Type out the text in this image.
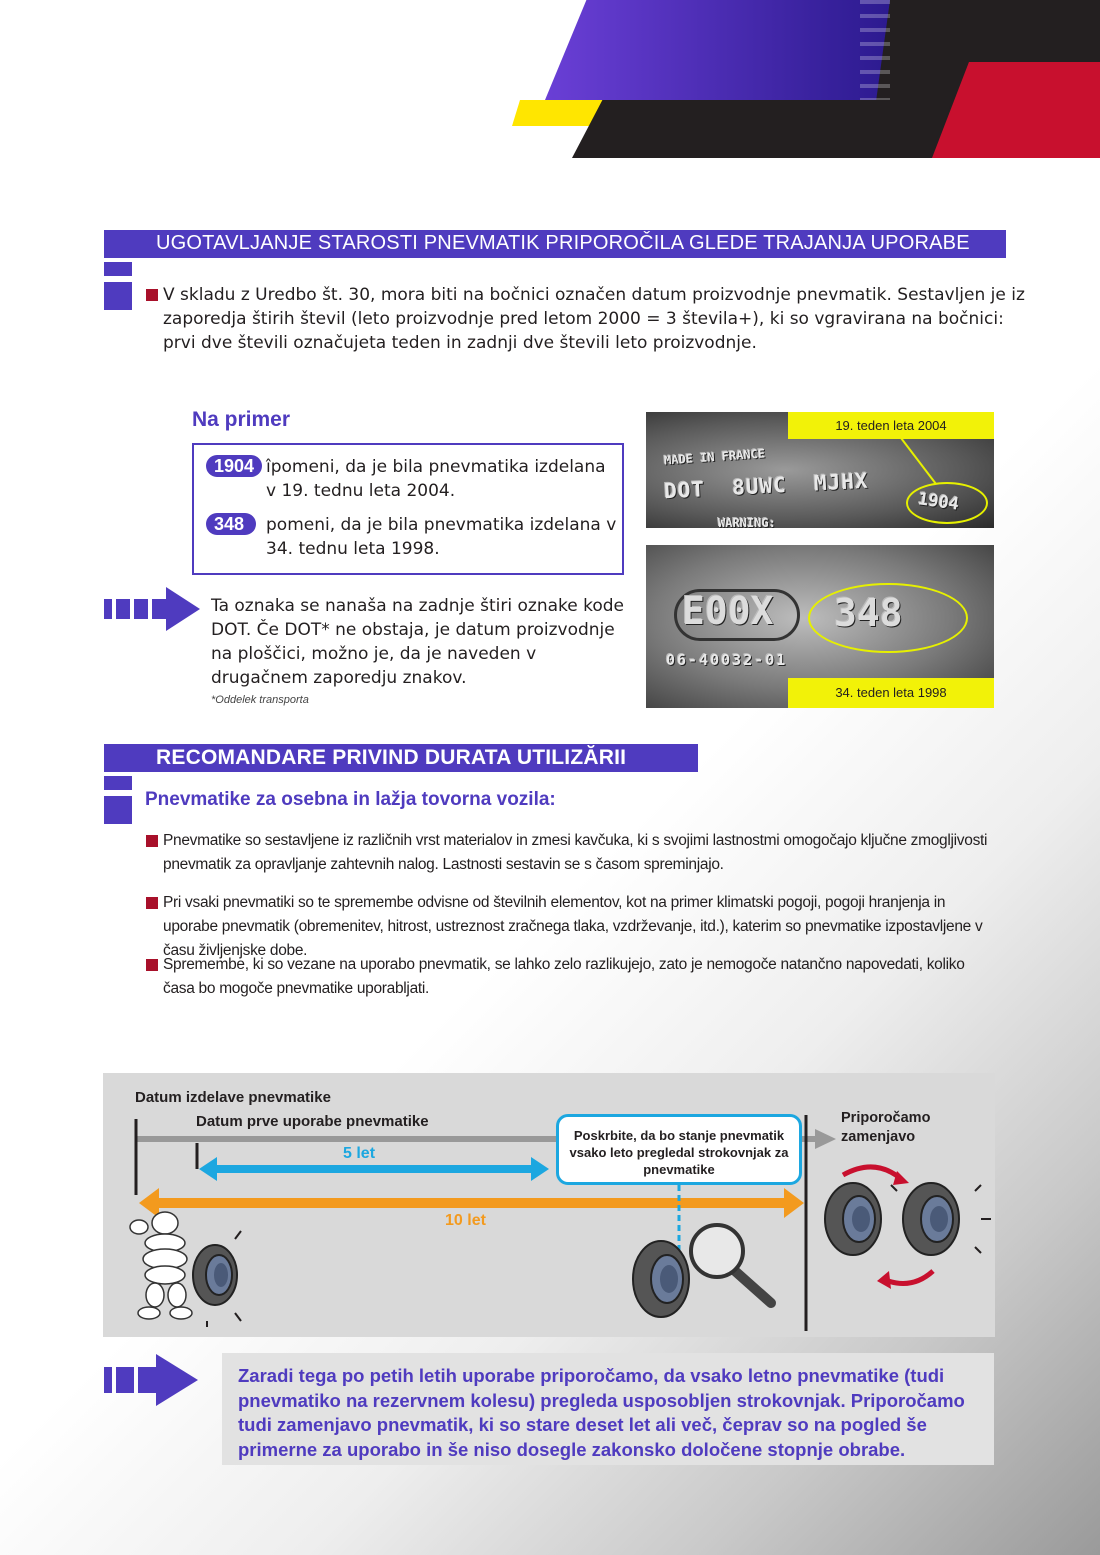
UGOTAVLJANJE STAROSTI PNEVMATIK PRIPOROČILA GLEDE TRAJANJA UPORABE
V skladu z Uredbo št. 30, mora biti na bočnici označen datum proizvodnje pnevmatik. Sestavljen je iz zaporedja štirih števil (leto proizvodnje pred letom 2000 = 3 števila+), ki so vgravirana na bočnici: prvi dve števili označujeta teden in zadnji dve števili leto proizvodnje.
Na primer
1904 îpomeni, da je bila pnevmatika izdelana v 19. tednu leta 2004.
348	pomeni, da je bila pnevmatika izdelana v 34. tednu leta 1998.
Ta oznaka se nanaša na zadnje štiri oznake kode DOT. Če DOT* ne obstaja, je datum proizvodnje na ploščici, možno je, da je naveden v drugačnem zaporedju znakov.
*Oddelek transporta
MADE IN FRANCE
DOT  8UWC  MJHX	1904
WARNING:
19. teden leta 2004
E00X 348
06-40032-01
34. teden leta 1998
RECOMANDARE PRIVIND DURATA UTILIZĂRII
Pnevmatike za osebna in lažja tovorna vozila:
Pnevmatike so sestavljene iz različnih vrst materialov in zmesi kavčuka, ki s svojimi lastnostmi omogočajo ključne zmogljivosti pnevmatik za opravljanje zahtevnih nalog. Lastnosti sestavin se s časom spreminjajo.
Pri vsaki pnevmatiki so te spremembe odvisne od številnih elementov, kot na primer klimatski pogoji, pogoji hranjenja in uporabe pnevmatik (obremenitev, hitrost, ustreznost zračnega tlaka, vzdrževanje, itd.), katerim so pnevmatike izpostavljene v času življenjske dobe.
Spremembe, ki so vezane na uporabo pnevmatik, se lahko zelo razlikujejo, zato je nemogoče natančno napovedati, koliko časa bo mogoče pnevmatike uporabljati.
Datum izdelave pnevmatike
Datum prve uporabe pnevmatike
5 let
10 let
Poskrbite, da bo stanje pnevmatik vsako leto pregledal strokovnjak za pnevmatike
Priporočamo zamenjavo
Zaradi tega po petih letih uporabe priporočamo, da vsako letno pnevmatike (tudi pnevmatiko na rezervnem kolesu) pregleda usposobljen strokovnjak. Priporočamo tudi zamenjavo pnevmatik, ki so stare deset let ali več, čeprav so na pogled še primerne za uporabo in še niso dosegle zakonsko določene stopnje obrabe.
